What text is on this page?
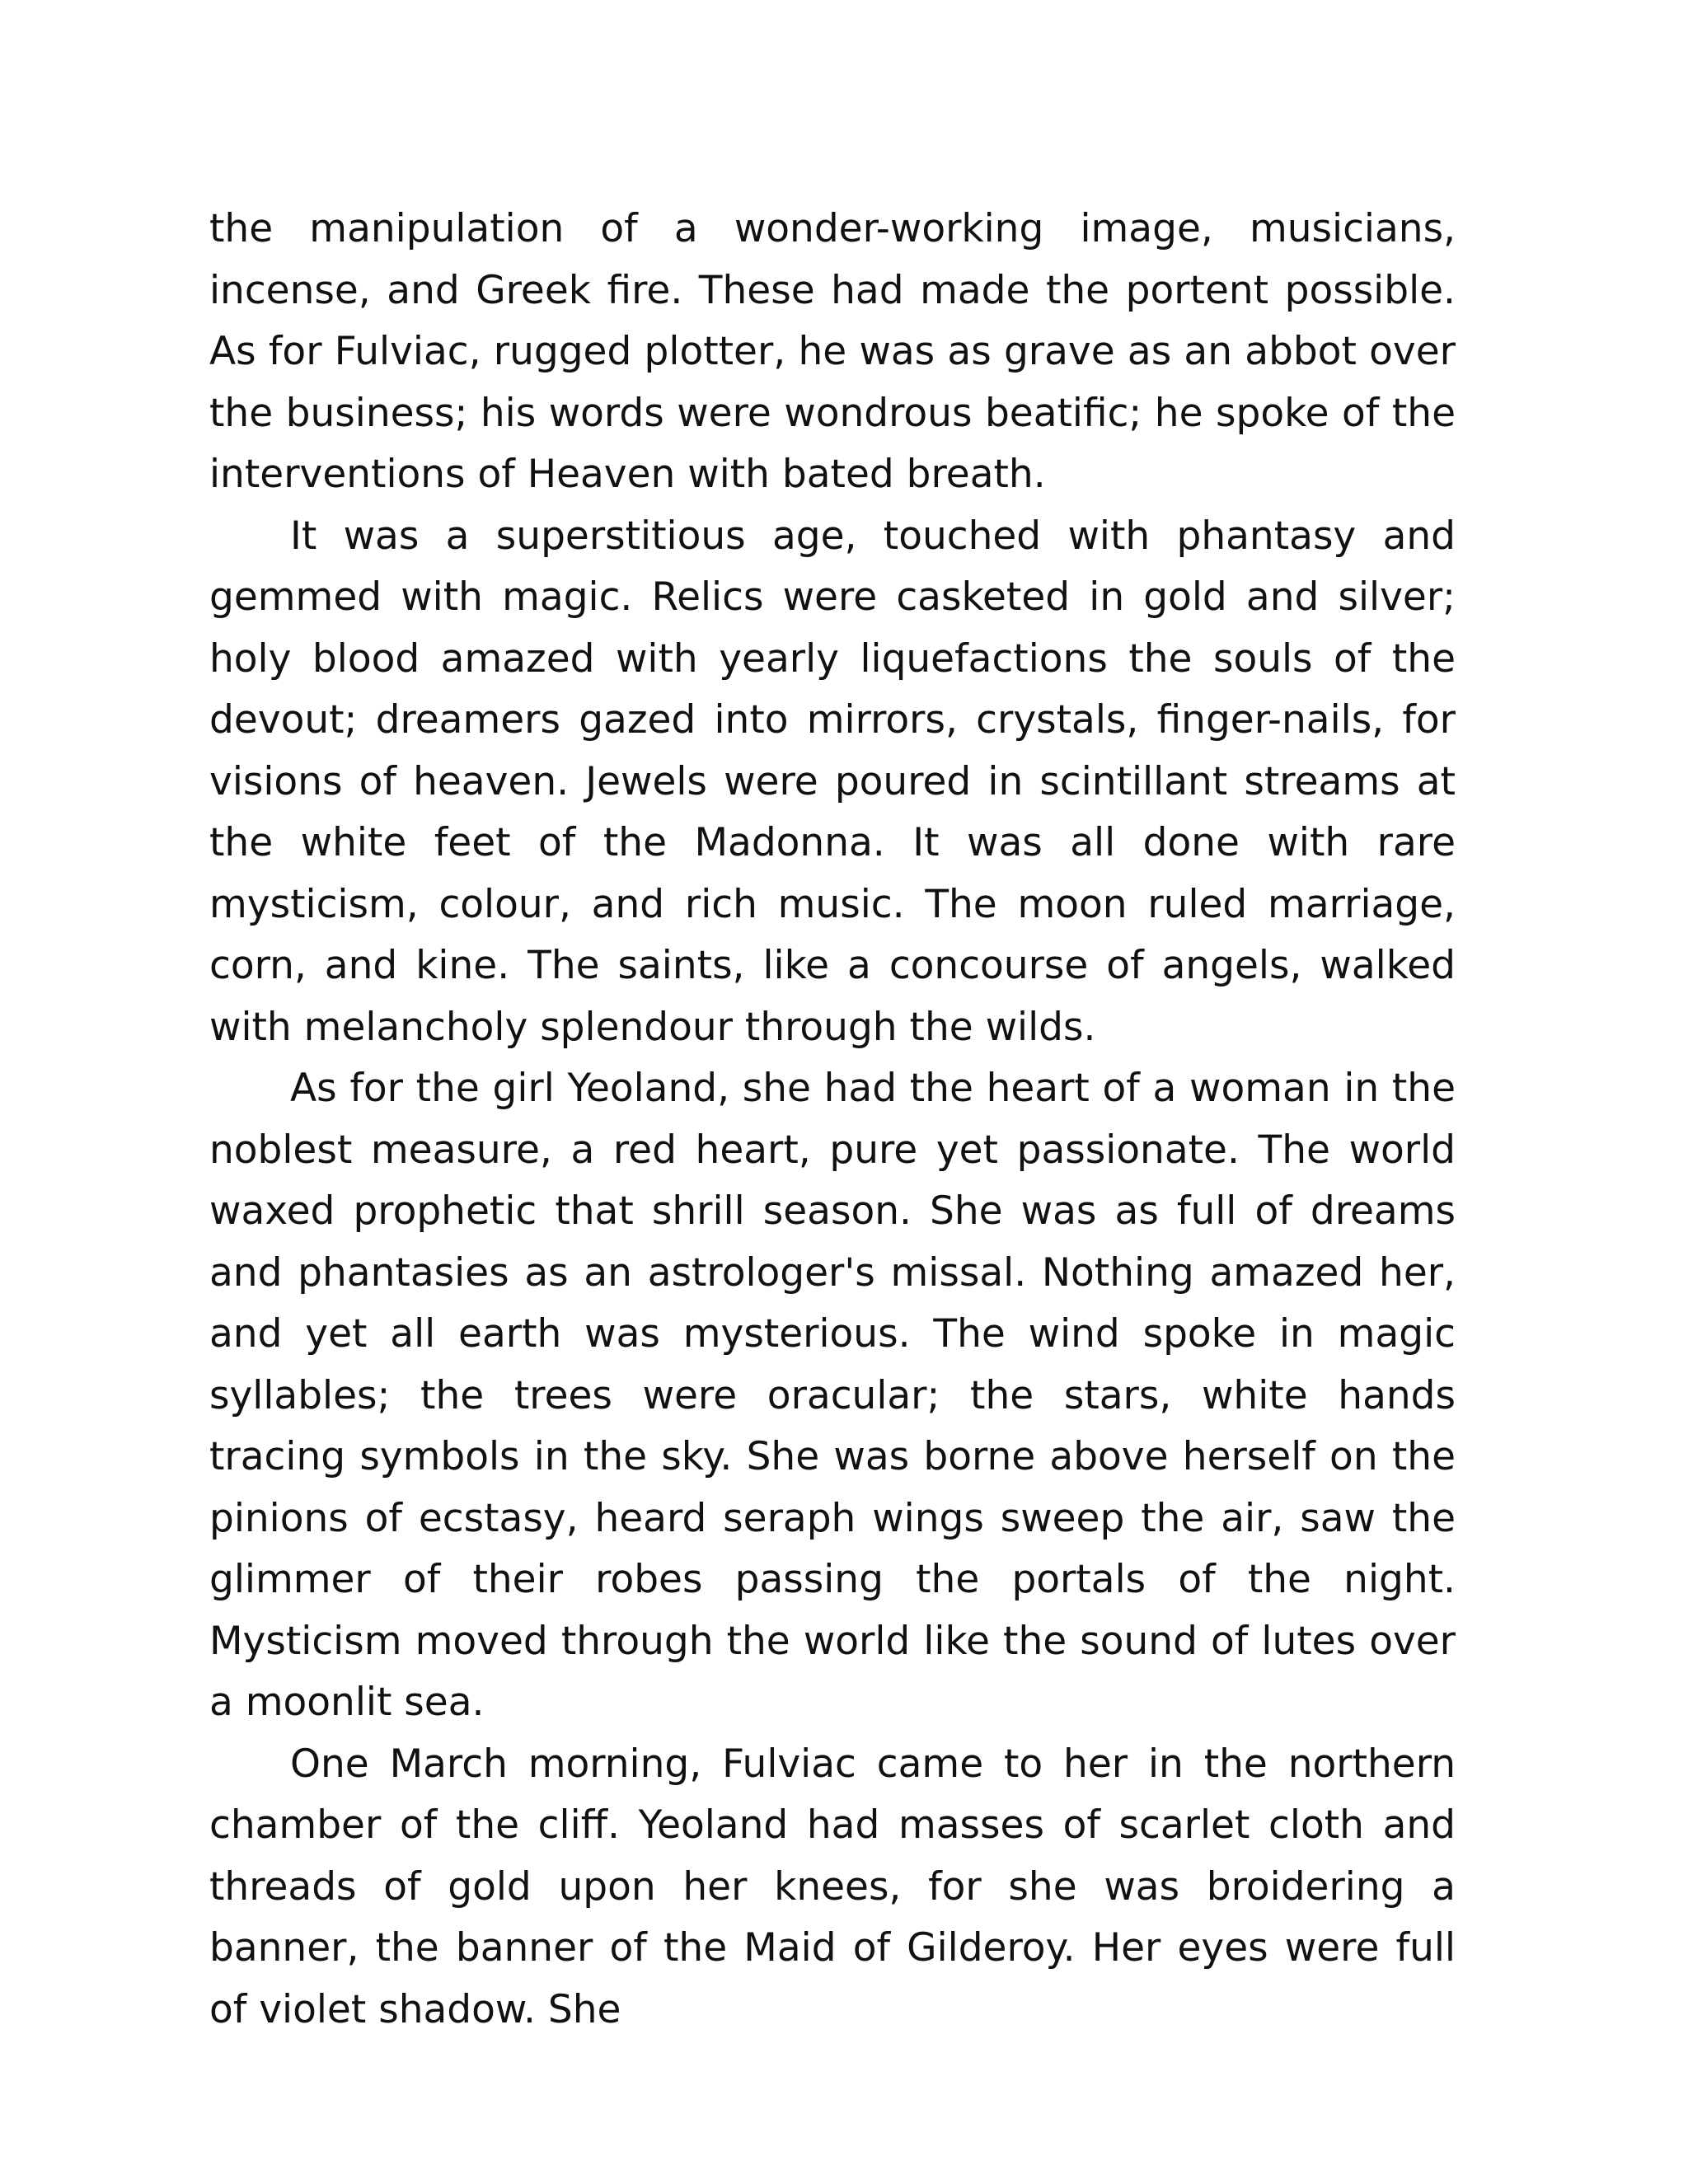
the manipulation of a wonder-working image, musicians, incense, and Greek fire. These had made the portent possible. As for Fulviac, rugged plotter, he was as grave as an abbot over the business; his words were wondrous beatific; he spoke of the interventions of Heaven with bated breath.

It was a superstitious age, touched with phantasy and gemmed with magic. Relics were casketed in gold and silver; holy blood amazed with yearly liquefactions the souls of the devout; dreamers gazed into mirrors, crystals, finger-nails, for visions of heaven. Jewels were poured in scintillant streams at the white feet of the Madonna. It was all done with rare mysticism, colour, and rich music. The moon ruled marriage, corn, and kine. The saints, like a concourse of angels, walked with melancholy splendour through the wilds.

As for the girl Yeoland, she had the heart of a woman in the noblest measure, a red heart, pure yet passionate. The world waxed prophetic that shrill season. She was as full of dreams and phantasies as an astrologer's missal. Nothing amazed her, and yet all earth was mysterious. The wind spoke in magic syllables; the trees were oracular; the stars, white hands tracing symbols in the sky. She was borne above herself on the pinions of ecstasy, heard seraph wings sweep the air, saw the glimmer of their robes passing the portals of the night. Mysticism moved through the world like the sound of lutes over a moonlit sea.

One March morning, Fulviac came to her in the northern chamber of the cliff. Yeoland had masses of scarlet cloth and threads of gold upon her knees, for she was broidering a banner, the banner of the Maid of Gilderoy. Her eyes were full of violet shadow. She
